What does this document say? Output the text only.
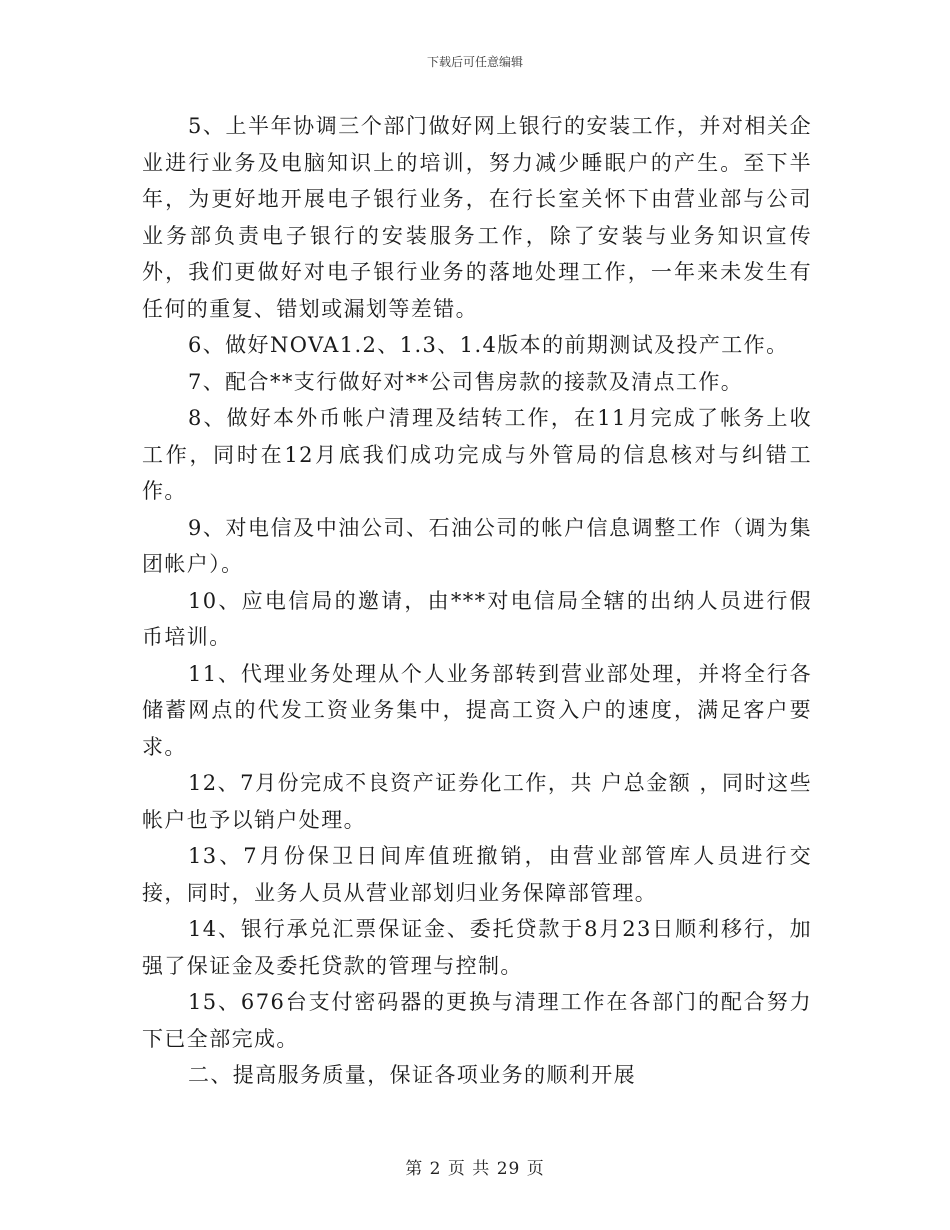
下载后可任意编辑

5、上半年协调三个部门做好网上银行的安装工作，并对相关企业进行业务及电脑知识上的培训，努力减少睡眠户的产生。至下半年，为更好地开展电子银行业务，在行长室关怀下由营业部与公司业务部负责电子银行的安装服务工作，除了安装与业务知识宣传外，我们更做好对电子银行业务的落地处理工作，一年来未发生有任何的重复、错划或漏划等差错。

6、做好NOVA1.2、1.3、1.4版本的前期测试及投产工作。

7、配合**支行做好对**公司售房款的接款及清点工作。

8、做好本外币帐户清理及结转工作，在11月完成了帐务上收工作，同时在12月底我们成功完成与外管局的信息核对与纠错工作。

9、对电信及中油公司、石油公司的帐户信息调整工作（调为集团帐户）。

10、应电信局的邀请，由***对电信局全辖的出纳人员进行假币培训。

11、代理业务处理从个人业务部转到营业部处理，并将全行各储蓄网点的代发工资业务集中，提高工资入户的速度，满足客户要求。

12、7月份完成不良资产证券化工作，共 户总金额 ，同时这些帐户也予以销户处理。

13、7月份保卫日间库值班撤销，由营业部管库人员进行交接，同时，业务人员从营业部划归业务保障部管理。

14、银行承兑汇票保证金、委托贷款于8月23日顺利移行，加强了保证金及委托贷款的管理与控制。

15、676台支付密码器的更换与清理工作在各部门的配合努力下已全部完成。

二、提高服务质量，保证各项业务的顺利开展

第 2 页 共 29 页
